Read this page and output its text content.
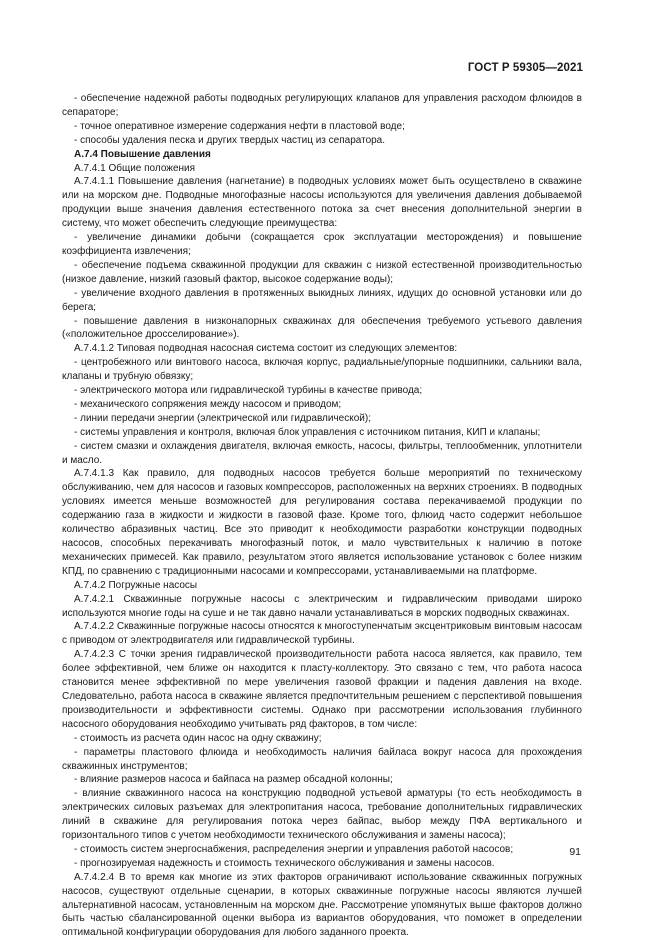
ГОСТ Р 59305—2021

- обеспечение надежной работы подводных регулирующих клапанов для управления расходом флюидов в сепараторе;

- точное оперативное измерение содержания нефти в пластовой воде;

- способы удаления песка и других твердых частиц из сепаратора.

А.7.4 Повышение давления

А.7.4.1 Общие положения

А.7.4.1.1 Повышение давления (нагнетание) в подводных условиях может быть осуществлено в скважине или на морском дне. Подводные многофазные насосы используются для увеличения давления добываемой продукции выше значения давления естественного потока за счет внесения дополнительной энергии в систему, что может обеспечить следующие преимущества:

- увеличение динамики добычи (сокращается срок эксплуатации месторождения) и повышение коэффициента извлечения;

- обеспечение подъема скважинной продукции для скважин с низкой естественной производительностью (низкое давление, низкий газовый фактор, высокое содержание воды);

- увеличение входного давления в протяженных выкидных линиях, идущих до основной установки или до берега;

- повышение давления в низконапорных скважинах для обеспечения требуемого устьевого давления («положительное дросселирование»).

А.7.4.1.2 Типовая подводная насосная система состоит из следующих элементов:

- центробежного или винтового насоса, включая корпус, радиальные/упорные подшипники, сальники вала, клапаны и трубную обвязку;

- электрического мотора или гидравлической турбины в качестве привода;

- механического сопряжения между насосом и приводом;

- линии передачи энергии (электрической или гидравлической);

- системы управления и контроля, включая блок управления с источником питания, КИП и клапаны;

- систем смазки и охлаждения двигателя, включая емкость, насосы, фильтры, теплообменник, уплотнители и масло.

А.7.4.1.3 Как правило, для подводных насосов требуется больше мероприятий по техническому обслуживанию, чем для насосов и газовых компрессоров, расположенных на верхних строениях. В подводных условиях имеется меньше возможностей для регулирования состава перекачиваемой продукции по содержанию газа в жидкости и жидкости в газовой фазе. Кроме того, флюид часто содержит небольшое количество абразивных частиц. Все это приводит к необходимости разработки конструкции подводных насосов, способных перекачивать многофазный поток, и мало чувствительных к наличию в потоке механических примесей. Как правило, результатом этого является использование установок с более низким КПД, по сравнению с традиционными насосами и компрессорами, устанавливаемыми на платформе.

А.7.4.2 Погружные насосы

А.7.4.2.1 Скважинные погружные насосы с электрическим и гидравлическим приводами широко используются многие годы на суше и не так давно начали устанавливаться в морских подводных скважинах.

А.7.4.2.2 Скважинные погружные насосы относятся к многоступенчатым эксцентриковым винтовым насосам с приводом от электродвигателя или гидравлической турбины.

А.7.4.2.3 С точки зрения гидравлической производительности работа насоса является, как правило, тем более эффективной, чем ближе он находится к пласту-коллектору. Это связано с тем, что работа насоса становится менее эффективной по мере увеличения газовой фракции и падения давления на входе. Следовательно, работа насоса в скважине является предпочтительным решением с перспективой повышения производительности и эффективности системы. Однако при рассмотрении использования глубинного насосного оборудования необходимо учитывать ряд факторов, в том числе:

- стоимость из расчета один насос на одну скважину;

- параметры пластового флюида и необходимость наличия байласа вокруг насоса для прохождения скважинных инструментов;

- влияние размеров насоса и байпаса на размер обсадной колонны;

- влияние скважинного насоса на конструкцию подводной устьевой арматуры (то есть необходимость в электрических силовых разъемах для электропитания насоса, требование дополнительных гидравлических линий в скважине для регулирования потока через байпас, выбор между ПФА вертикального и горизонтального типов с учетом необходимости технического обслуживания и замены насоса);

- стоимость систем энергоснабжения, распределения энергии и управления работой насосов;

- прогнозируемая надежность и стоимость технического обслуживания и замены насосов.

А.7.4.2.4 В то время как многие из этих факторов ограничивают использование скважинных погружных насосов, существуют отдельные сценарии, в которых скважинные погружные насосы являются лучшей альтернативной насосам, установленным на морском дне. Рассмотрение упомянутых выше факторов должно быть частью сбалансированной оценки выбора из вариантов оборудования, что поможет в определении оптимальной конфигурации оборудования для любого заданного проекта.

91
